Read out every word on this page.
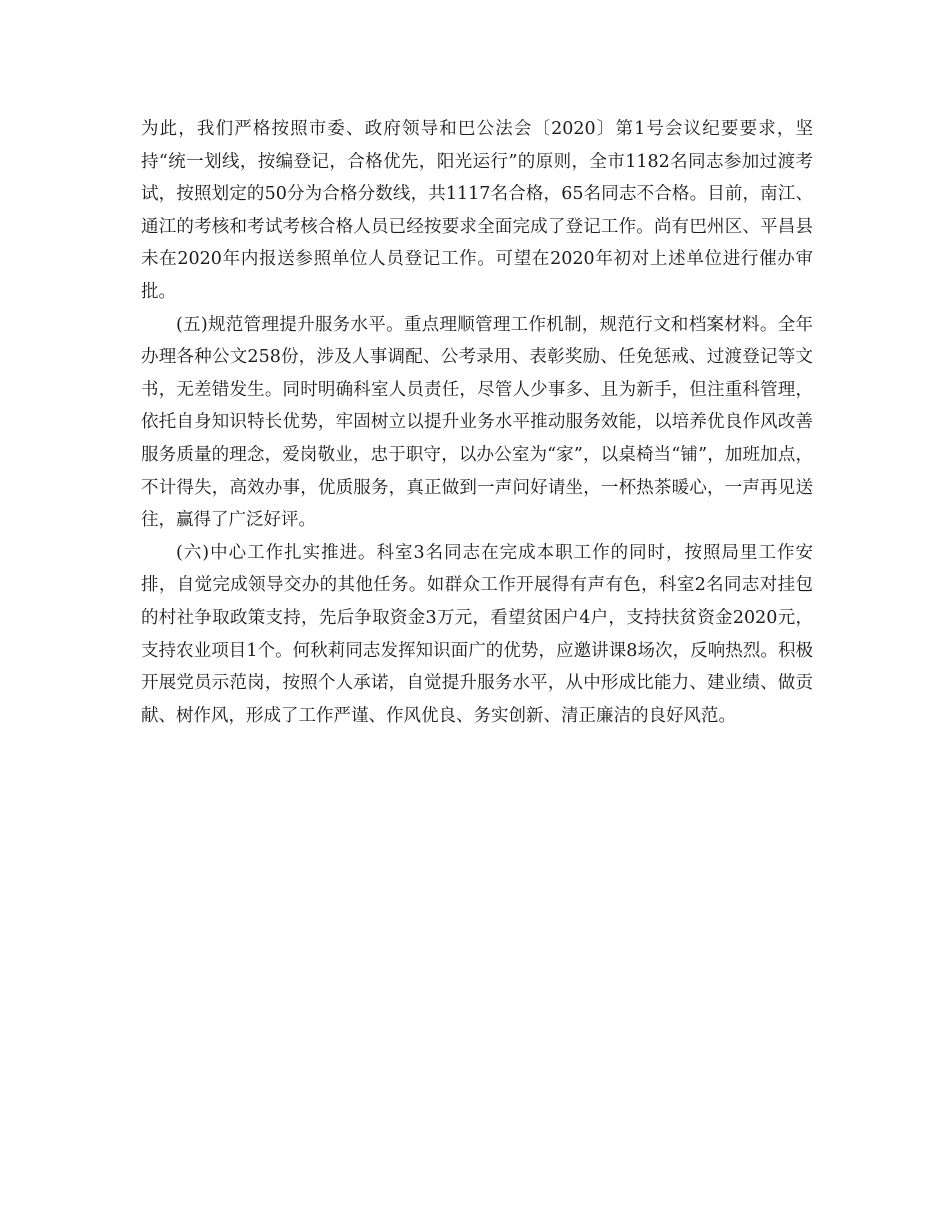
为此，我们严格按照市委、政府领导和巴公法会〔2020〕第1号会议纪要要求，坚持“统一划线，按编登记，合格优先，阳光运行”的原则，全市1182名同志参加过渡考试，按照划定的50分为合格分数线，共1117名合格，65名同志不合格。目前，南江、通江的考核和考试考核合格人员已经按要求全面完成了登记工作。尚有巴州区、平昌县未在2020年内报送参照单位人员登记工作。可望在2020年初对上述单位进行催办审批。

(五)规范管理提升服务水平。重点理顺管理工作机制，规范行文和档案材料。全年办理各种公文258份，涉及人事调配、公考录用、表彰奖励、任免惩戒、过渡登记等文书，无差错发生。同时明确科室人员责任，尽管人少事多、且为新手，但注重科管理，依托自身知识特长优势，牢固树立以提升业务水平推动服务效能，以培养优良作风改善服务质量的理念，爱岗敬业，忠于职守，以办公室为“家”，以桌椅当“铺”，加班加点，不计得失，高效办事，优质服务，真正做到一声问好请坐，一杯热茶暖心，一声再见送往，赢得了广泛好评。

(六)中心工作扎实推进。科室3名同志在完成本职工作的同时，按照局里工作安排，自觉完成领导交办的其他任务。如群众工作开展得有声有色，科室2名同志对挂包的村社争取政策支持，先后争取资金3万元，看望贫困户4户，支持扶贫资金2020元，支持农业项目1个。何秋莉同志发挥知识面广的优势，应邀讲课8场次，反响热烈。积极开展党员示范岗，按照个人承诺，自觉提升服务水平，从中形成比能力、建业绩、做贡献、树作风，形成了工作严谨、作风优良、务实创新、清正廉洁的良好风范。
